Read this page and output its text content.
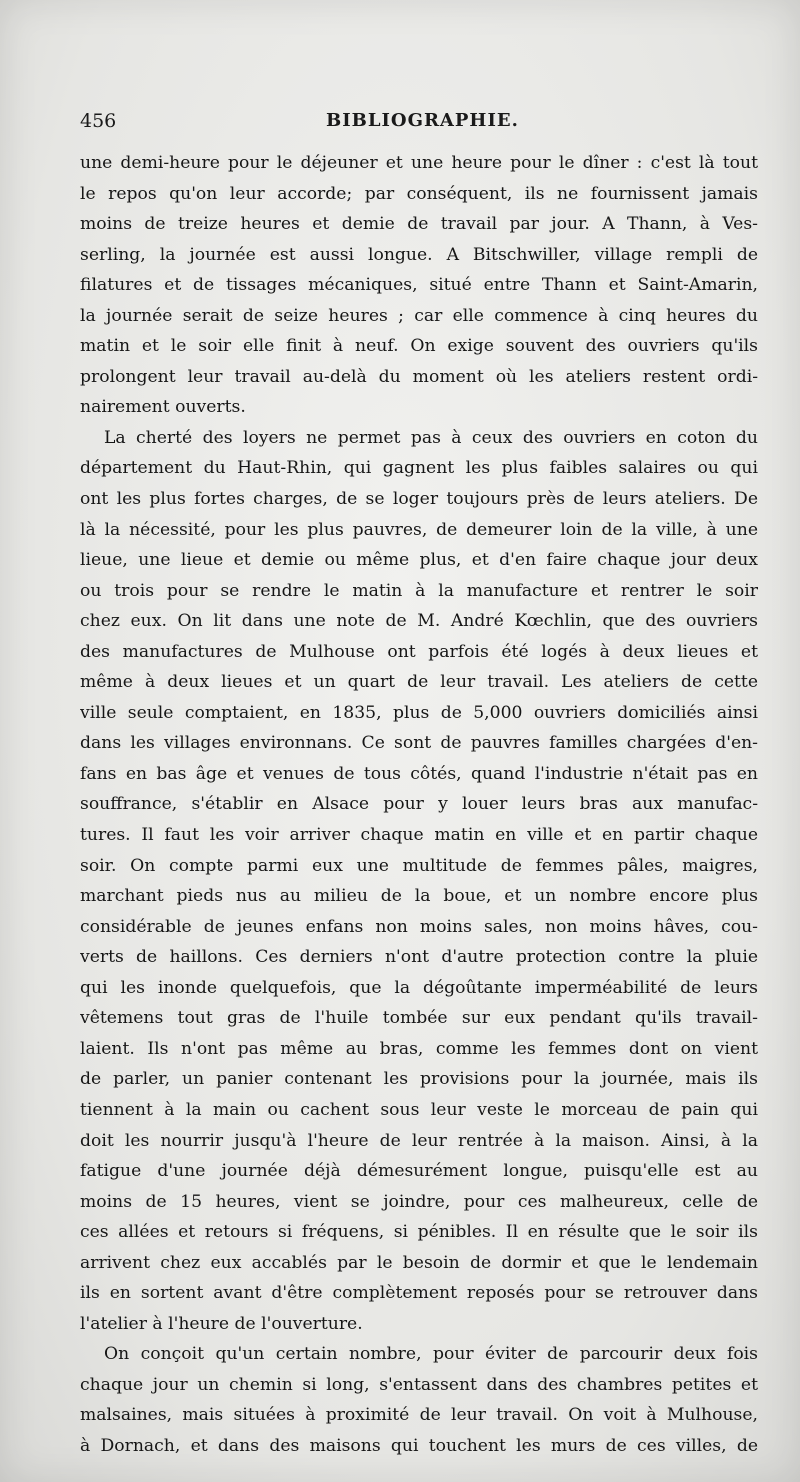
456	BIBLIOGRAPHIE.
une demi-heure pour le déjeuner et une heure pour le dîner : c'est là tout
le repos qu'on leur accorde; par conséquent, ils ne fournissent jamais
moins de treize heures et demie de travail par jour. A Thann, à Ves-
serling, la journée est aussi longue. A Bitschwiller, village rempli de
filatures et de tissages mécaniques, situé entre Thann et Saint-Amarin,
la journée serait de seize heures ; car elle commence à cinq heures du
matin et le soir elle finit à neuf. On exige souvent des ouvriers qu'ils
prolongent leur travail au-delà du moment où les ateliers restent ordi-
nairement ouverts.
La cherté des loyers ne permet pas à ceux des ouvriers en coton du
département du Haut-Rhin, qui gagnent les plus faibles salaires ou qui
ont les plus fortes charges, de se loger toujours près de leurs ateliers. De
là la nécessité, pour les plus pauvres, de demeurer loin de la ville, à une
lieue, une lieue et demie ou même plus, et d'en faire chaque jour deux
ou trois pour se rendre le matin à la manufacture et rentrer le soir
chez eux. On lit dans une note de M. André Kœchlin, que des ouvriers
des manufactures de Mulhouse ont parfois été logés à deux lieues et
même à deux lieues et un quart de leur travail. Les ateliers de cette
ville seule comptaient, en 1835, plus de 5,000 ouvriers domiciliés ainsi
dans les villages environnans. Ce sont de pauvres familles chargées d'en-
fans en bas âge et venues de tous côtés, quand l'industrie n'était pas en
souffrance, s'établir en Alsace pour y louer leurs bras aux manufac-
tures. Il faut les voir arriver chaque matin en ville et en partir chaque
soir. On compte parmi eux une multitude de femmes pâles, maigres,
marchant pieds nus au milieu de la boue, et un nombre encore plus
considérable de jeunes enfans non moins sales, non moins hâves, cou-
verts de haillons. Ces derniers n'ont d'autre protection contre la pluie
qui les inonde quelquefois, que la dégoûtante imperméabilité de leurs
vêtemens tout gras de l'huile tombée sur eux pendant qu'ils travail-
laient. Ils n'ont pas même au bras, comme les femmes dont on vient
de parler, un panier contenant les provisions pour la journée, mais ils
tiennent à la main ou cachent sous leur veste le morceau de pain qui
doit les nourrir jusqu'à l'heure de leur rentrée à la maison. Ainsi, à la
fatigue d'une journée déjà démesurément longue, puisqu'elle est au
moins de 15 heures, vient se joindre, pour ces malheureux, celle de
ces allées et retours si fréquens, si pénibles. Il en résulte que le soir ils
arrivent chez eux accablés par le besoin de dormir et que le lendemain
ils en sortent avant d'être complètement reposés pour se retrouver dans
l'atelier à l'heure de l'ouverture.
On conçoit qu'un certain nombre, pour éviter de parcourir deux fois
chaque jour un chemin si long, s'entassent dans des chambres petites et
malsaines, mais situées à proximité de leur travail. On voit à Mulhouse,
à Dornach, et dans des maisons qui touchent les murs de ces villes, de
